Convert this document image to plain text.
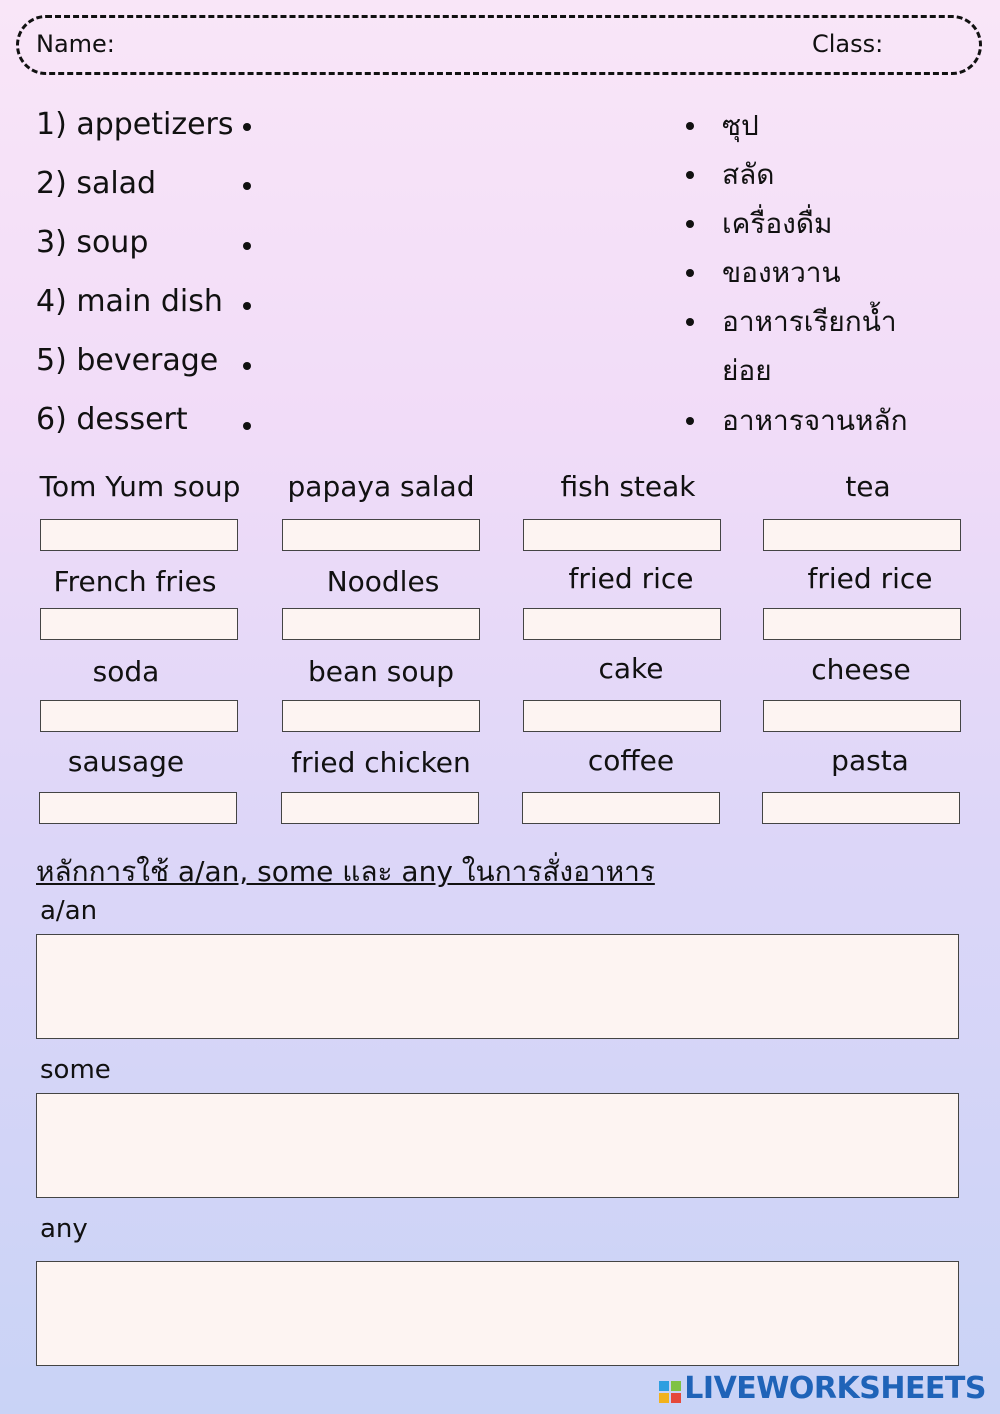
Name:	Class:
1) appetizers
2) salad
3) soup
4) main dish
5) beverage
6) dessert
ซุป
สลัด
เครื่องดื่ม
ของหวาน
อาหารเรียกน้ำ
ย่อย
อาหารจานหลัก
Tom Yum soup	papaya salad	fish steak	tea
French fries	Noodles	fried rice	fried rice
soda	bean soup	cake	cheese
sausage	fried chicken	coffee	pasta
หลักการใช้ a/an, some และ any ในการสั่งอาหาร
a/an
some
any
LIVEWORKSHEETS
